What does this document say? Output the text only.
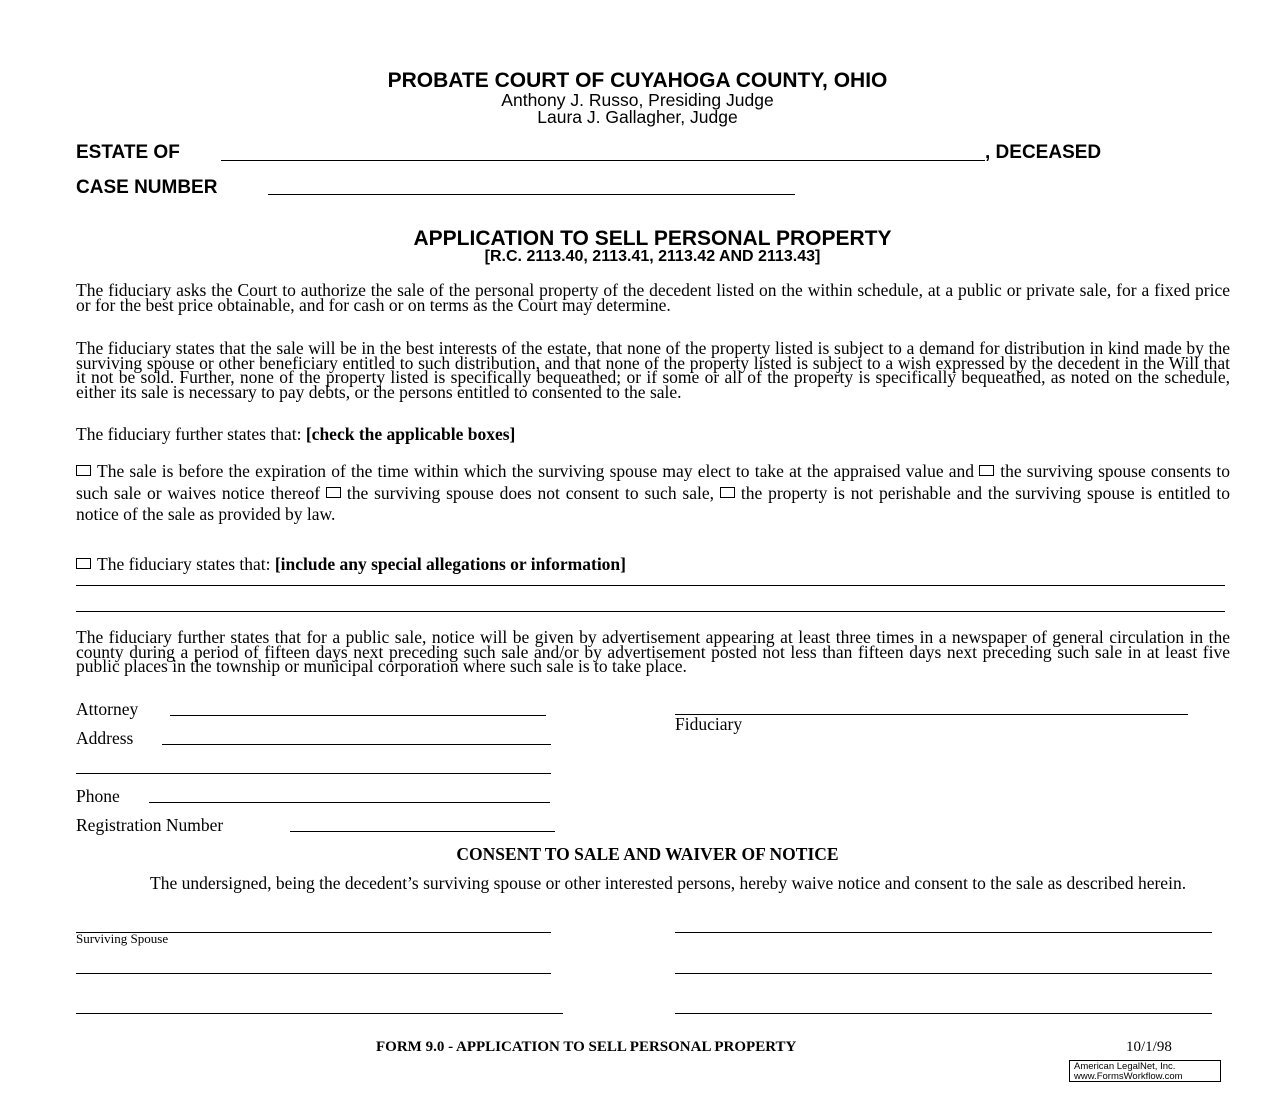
PROBATE COURT OF CUYAHOGA COUNTY, OHIO
Anthony J. Russo, Presiding Judge
Laura J. Gallagher, Judge
ESTATE OF	, DECEASED
CASE NUMBER
APPLICATION TO SELL PERSONAL PROPERTY
[R.C. 2113.40, 2113.41, 2113.42 AND 2113.43]
The fiduciary asks the Court to authorize the sale of the personal property of the decedent listed on the within schedule, at a public or private sale, for a fixed price or for the best price obtainable, and for cash or on terms as the Court may determine.
The fiduciary states that the sale will be in the best interests of the estate, that none of the property listed is subject to a demand for distribution in kind made by the surviving spouse or other beneficiary entitled to such distribution, and that none of the property listed is subject to a wish expressed by the decedent in the Will that it not be sold. Further, none of the property listed is specifically bequeathed; or if some or all of the property is specifically bequeathed, as noted on the schedule, either its sale is necessary to pay debts, or the persons entitled to consented to the sale.
The fiduciary further states that: [check the applicable boxes]
The sale is before the expiration of the time within which the surviving spouse may elect to take at the appraised value and the surviving spouse consents to such sale or waives notice thereof the surviving spouse does not consent to such sale, the property is not perishable and the surviving spouse is entitled to notice of the sale as provided by law.
The fiduciary states that: [include any special allegations or information]
The fiduciary further states that for a public sale, notice will be given by advertisement appearing at least three times in a newspaper of general circulation in the county during a period of fifteen days next preceding such sale and/or by advertisement posted not less than fifteen days next preceding such sale in at least five public places in the township or municipal corporation where such sale is to take place.
Attorney
Address
Phone
Registration Number
Fiduciary
CONSENT TO SALE AND WAIVER OF NOTICE
The undersigned, being the decedent’s surviving spouse or other interested persons, hereby waive notice and consent to the sale as described herein.
Surviving Spouse
FORM 9.0 - APPLICATION TO SELL PERSONAL PROPERTY	10/1/98
American LegalNet, Inc.
www.FormsWorkflow.com
